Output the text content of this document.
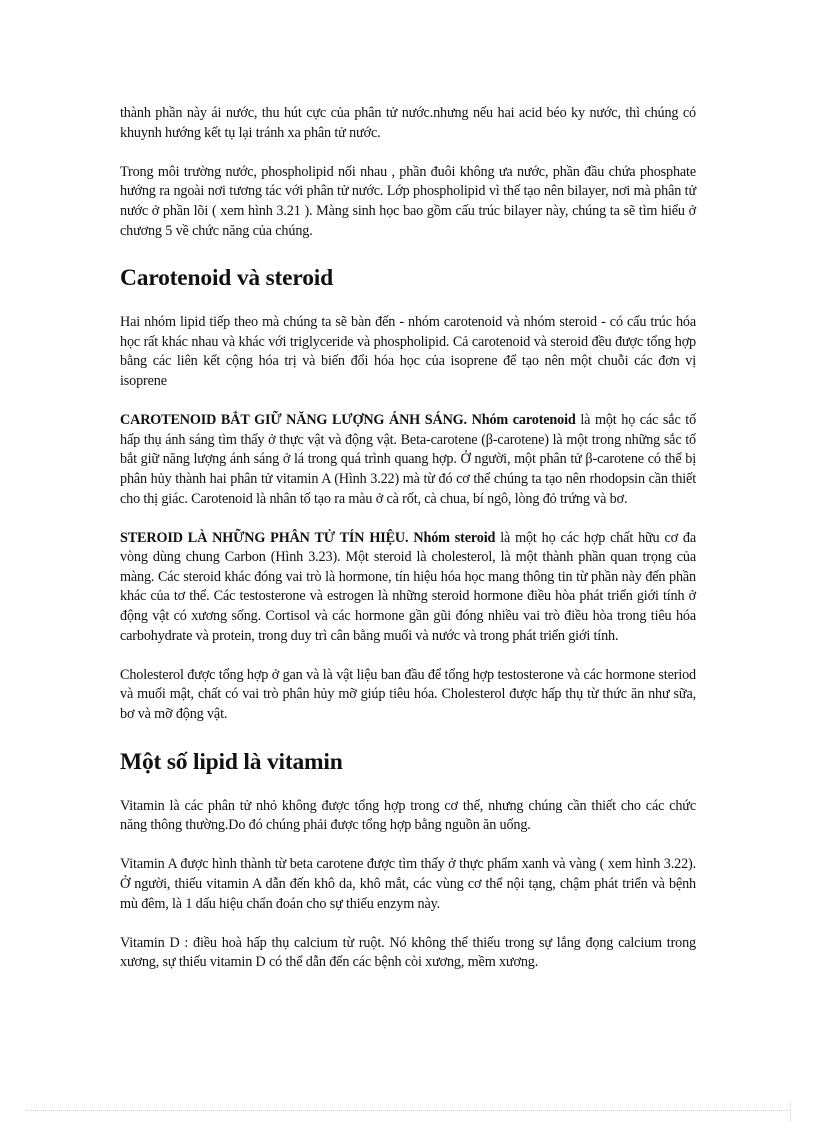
thành phần này ái nước, thu hút cực của phân tử nước.nhưng nếu hai acid béo ky nước, thì chúng có khuynh hướng kết tụ lại tránh xa phân tử nước.

Trong môi trường nước, phospholipid nối nhau , phần đuôi không ưa nước, phần đầu chứa phosphate hướng ra ngoài nơi tương tác với phân tử nước. Lớp phospholipid vì thế tạo nên bilayer, nơi mà phân tử nước ở phần lõi ( xem hình 3.21 ). Màng sinh học bao gồm cấu trúc bilayer này, chúng ta sẽ tìm hiểu ở chương 5 về chức năng của chúng.

Carotenoid và steroid

Hai nhóm lipid tiếp theo mà chúng ta sẽ bàn đến - nhóm carotenoid và nhóm steroid - có cấu trúc hóa học rất khác nhau và khác với triglyceride và phospholipid. Cả carotenoid và steroid đều được tổng hợp bằng các liên kết cộng hóa trị và biến đổi hóa học của isoprene để tạo nên một chuỗi các đơn vị isoprene

CAROTENOID BẮT GIỮ NĂNG LƯỢNG ÁNH SÁNG. Nhóm carotenoid là một họ các sắc tố hấp thụ ánh sáng tìm thấy ở thực vật và động vật. Beta-carotene (β-carotene) là một trong những sắc tố bắt giữ năng lượng ánh sáng ở lá trong quá trình quang hợp. Ở người, một phân tử β-carotene có thể bị phân hủy thành hai phân tử vitamin A (Hình 3.22) mà từ đó cơ thể chúng ta tạo nên rhodopsin cần thiết cho thị giác. Carotenoid là nhân tố tạo ra màu ở cà rốt, cà chua, bí ngô, lòng đỏ trứng và bơ.

STEROID LÀ NHỮNG PHÂN TỬ TÍN HIỆU. Nhóm steroid là một họ các hợp chất hữu cơ đa vòng dùng chung Carbon (Hình 3.23). Một steroid là cholesterol, là một thành phần quan trọng của màng. Các steroid khác đóng vai trò là hormone, tín hiệu hóa học mang thông tin từ phần này đến phần khác của tơ thể. Các testosterone và estrogen là những steroid hormone điều hòa phát triển giới tính ở động vật có xương sống. Cortisol và các hormone gần gũi đóng nhiều vai trò điều hòa trong tiêu hóa carbohydrate và protein, trong duy trì cân bằng muối và nước và trong phát triển giới tính.

Cholesterol được tổng hợp ở gan và là vật liệu ban đầu để tổng hợp testosterone và các hormone steriod và muối mật, chất có vai trò phân hủy mỡ giúp tiêu hóa. Cholesterol được hấp thụ từ thức ăn như sữa, bơ và mỡ động vật.

Một số lipid là vitamin

Vitamin là các phân tử nhỏ không được tổng hợp trong cơ thể, nhưng chúng cần thiết cho các chức năng thông thường.Do đó chúng phải được tổng hợp bằng nguồn ăn uống.

Vitamin A được hình thành từ beta carotene được tìm thấy ở thực phẩm xanh và vàng ( xem hình 3.22). Ở người, thiếu vitamin A dẫn đến khô da, khô mắt, các vùng cơ thể nội tạng, chậm phát triển và bệnh mù đêm, là 1 dấu hiệu chẩn đoán cho sự thiếu enzym này.

Vitamin D : điều hoà hấp thụ calcium từ ruột. Nó không thể thiếu trong sự lắng đọng calcium trong xương, sự thiếu vitamin D có thể dẫn đến các bệnh còi xương, mềm xương.
